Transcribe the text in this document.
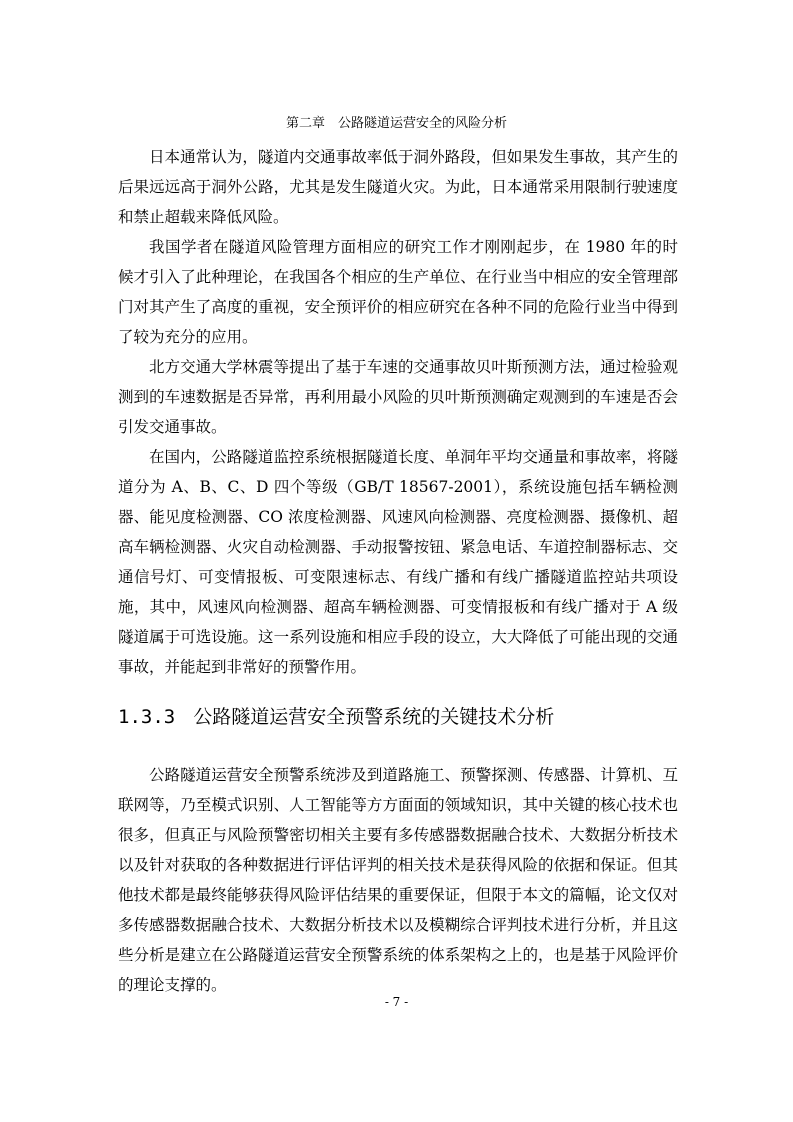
第二章　公路隧道运营安全的风险分析

日本通常认为，隧道内交通事故率低于洞外路段，但如果发生事故，其产生的后果远远高于洞外公路，尤其是发生隧道火灾。为此，日本通常采用限制行驶速度和禁止超载来降低风险。

我国学者在隧道风险管理方面相应的研究工作才刚刚起步，在 1980 年的时候才引入了此种理论，在我国各个相应的生产单位、在行业当中相应的安全管理部门对其产生了高度的重视，安全预评价的相应研究在各种不同的危险行业当中得到了较为充分的应用。

北方交通大学林震等提出了基于车速的交通事故贝叶斯预测方法，通过检验观测到的车速数据是否异常，再利用最小风险的贝叶斯预测确定观测到的车速是否会引发交通事故。

在国内，公路隧道监控系统根据隧道长度、单洞年平均交通量和事故率，将隧道分为 A、B、C、D 四个等级（GB/T 18567-2001），系统设施包括车辆检测器、能见度检测器、CO 浓度检测器、风速风向检测器、亮度检测器、摄像机、超高车辆检测器、火灾自动检测器、手动报警按钮、紧急电话、车道控制器标志、交通信号灯、可变情报板、可变限速标志、有线广播和有线广播隧道监控站共项设施，其中，风速风向检测器、超高车辆检测器、可变情报板和有线广播对于 A 级隧道属于可选设施。这一系列设施和相应手段的设立，大大降低了可能出现的交通事故，并能起到非常好的预警作用。

1.3.3 公路隧道运营安全预警系统的关键技术分析

公路隧道运营安全预警系统涉及到道路施工、预警探测、传感器、计算机、互联网等，乃至模式识别、人工智能等方方面面的领域知识，其中关键的核心技术也很多，但真正与风险预警密切相关主要有多传感器数据融合技术、大数据分析技术以及针对获取的各种数据进行评估评判的相关技术是获得风险的依据和保证。但其他技术都是最终能够获得风险评估结果的重要保证，但限于本文的篇幅，论文仅对多传感器数据融合技术、大数据分析技术以及模糊综合评判技术进行分析，并且这些分析是建立在公路隧道运营安全预警系统的体系架构之上的，也是基于风险评价的理论支撑的。

- 7 -
